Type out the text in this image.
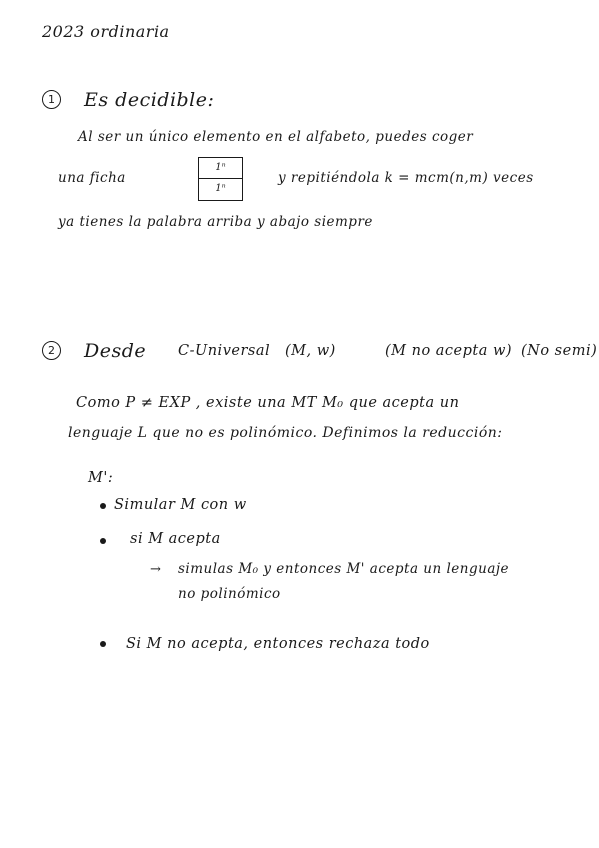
2023 ordinaria
1	Es decidible:
Al ser un único elemento en el alfabeto, puedes coger
una ficha
1ⁿ
1ⁿ
y repitiéndola k = mcm(n,m) veces
ya tienes la palabra arriba y abajo siempre
2	Desde C-Universal (M, w)	(M no acepta w) (No semi)
Como P ≠ EXP , existe una MT M₀ que acepta un
lenguaje L que no es polinómico. Definimos la reducción:
M':
Simular M con w
si M acepta
→ simulas M₀ y entonces M' acepta un lenguaje
no polinómico
Si M no acepta, entonces rechaza todo
